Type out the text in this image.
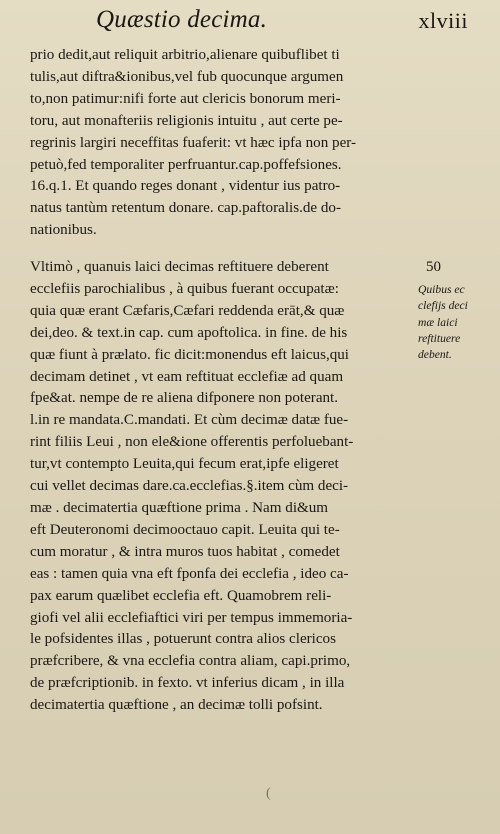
Quæstio decima.	xlviii
prio dedit,aut reliquit arbitrio,alienare quibuflibet ti
tulis,aut diftra&ionibus,vel fub quocunque argumen
to,non patimur:nifi forte aut clericis bonorum meri-
toru, aut monafteriis religionis intuitu , aut certe pe-
regrinis largiri neceffitas fuaferit: vt hæc ipfa non per-
petuò,fed temporaliter perfruantur.cap.poffefsiones.
16.q.1. Et quando reges donant , videntur ius patro-
natus tantùm retentum donare. cap.paftoralis.de do-
nationibus.
Vltimò , quanuis laici decimas reftituere deberent
ecclefiis parochialibus , à quibus fuerant occupatæ:
quia quæ erant Cæfaris,Cæfari reddenda erāt,& quæ
dei,deo. & text.in cap. cum apoftolica. in fine. de his
quæ fiunt à prælato. fic dicit:monendus eft laicus,qui
decimam detinet , vt eam reftituat ecclefiæ ad quam
fpe&at. nempe de re aliena difponere non poterant.
l.in re mandata.C.mandati. Et cùm decimæ datæ fue-
rint filiis Leui , non ele&ione offerentis perfoluebant-
tur,vt contempto Leuita,qui fecum erat,ipfe eligeret
cui vellet decimas dare.ca.ecclefias.§.item cùm deci-
mæ . decimatertia quæftione prima . Nam di&um
eft Deuteronomi decimooctauo capit. Leuita qui te-
cum moratur , & intra muros tuos habitat , comedet
eas : tamen quia vna eft fponfa dei ecclefia , ideo ca-
pax earum quælibet ecclefia eft. Quamobrem reli-
giofi vel alii ecclefiaftici viri per tempus immemoria-
le pofsidentes illas , potuerunt contra alios clericos
præfcribere, & vna ecclefia contra aliam, capi.primo,
de præfcriptionib. in fexto. vt inferius dicam , in illa
decimatertia quæftione , an decimæ tolli pofsint.
50
Quibus ec
clefijs deci
mæ laici
reftituere
debent.
(
